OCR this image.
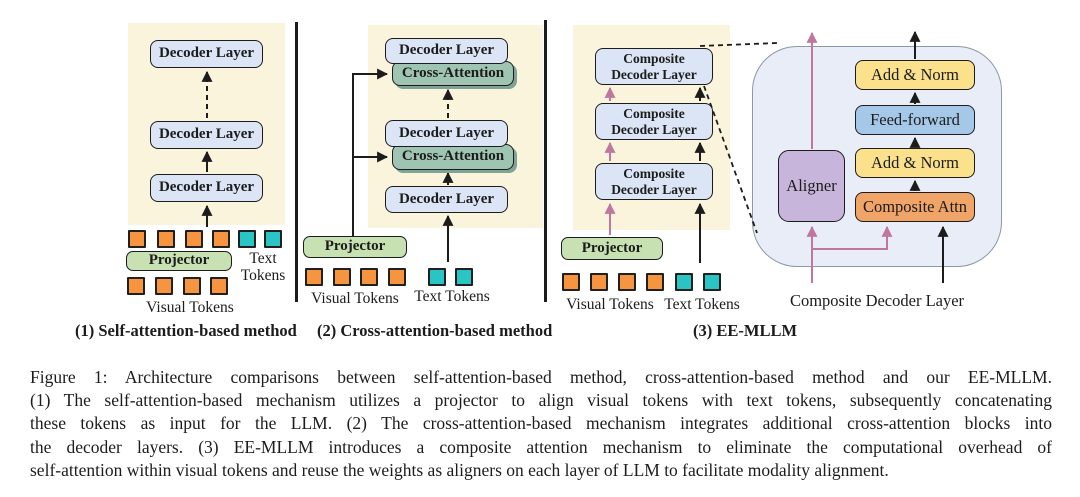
Decoder Layer
Decoder Layer
Decoder Layer
Projector	Text
Tokens
Visual Tokens
Cross-Attention
Decoder Layer
Cross-Attention
Decoder Layer
Decoder Layer
Projector
Visual Tokens Text Tokens
Composite
Decoder Layer
Composite
Decoder Layer
Composite
Decoder Layer
Projector
Visual Tokens Text Tokens
Aligner
Add & Norm
Feed-forward
Add & Norm
Composite Attn
Composite Decoder Layer
(1) Self-attention-based method (2) Cross-attention-based method	(3) EE-MLLM
Figure 1: Architecture comparisons between self-attention-based method, cross-attention-based method and our EE-MLLM.
(1) The self-attention-based mechanism utilizes a projector to align visual tokens with text tokens, subsequently concatenating
these tokens as input for the LLM. (2) The cross-attention-based mechanism integrates additional cross-attention blocks into
the decoder layers. (3) EE-MLLM introduces a composite attention mechanism to eliminate the computational overhead of
self-attention within visual tokens and reuse the weights as aligners on each layer of LLM to facilitate modality alignment.
